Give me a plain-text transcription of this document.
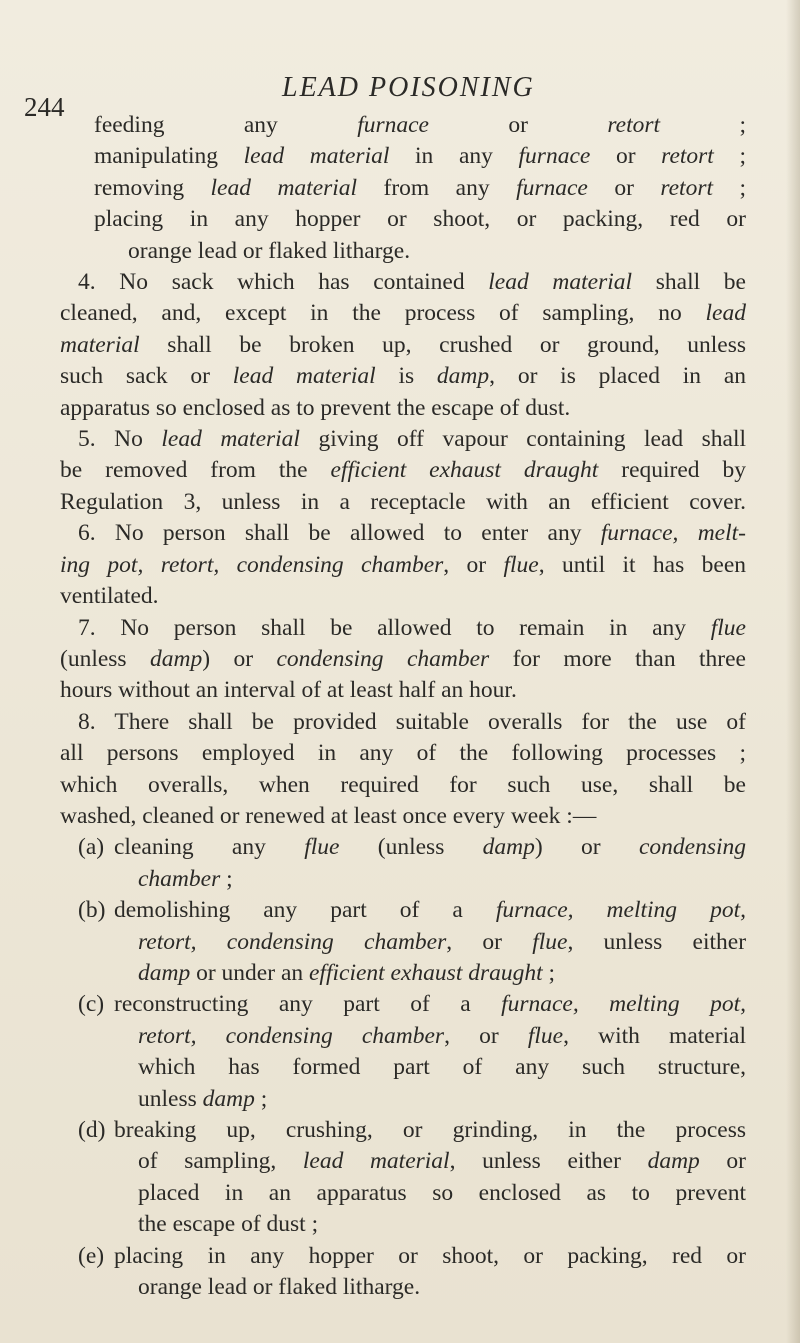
244
LEAD POISONING
feeding any furnace or retort ;
manipulating lead material in any furnace or retort ;
removing lead material from any furnace or retort ;
placing in any hopper or shoot, or packing, red or
orange lead or flaked litharge.
4. No sack which has contained lead material shall be
cleaned, and, except in the process of sampling, no lead
material shall be broken up, crushed or ground, unless
such sack or lead material is damp, or is placed in an
apparatus so enclosed as to prevent the escape of dust.
5. No lead material giving off vapour containing lead shall
be removed from the efficient exhaust draught required by
Regulation 3, unless in a receptacle with an efficient cover.
6. No person shall be allowed to enter any furnace, melt-
ing pot, retort, condensing chamber, or flue, until it has been
ventilated.
7. No person shall be allowed to remain in any flue
(unless damp) or condensing chamber for more than three
hours without an interval of at least half an hour.
8. There shall be provided suitable overalls for the use of
all persons employed in any of the following processes ;
which overalls, when required for such use, shall be
washed, cleaned or renewed at least once every week :—
(a) cleaning any flue (unless damp) or condensing
chamber ;
(b) demolishing any part of a furnace, melting pot,
retort, condensing chamber, or flue, unless either
damp or under an efficient exhaust draught ;
(c) reconstructing any part of a furnace, melting pot,
retort, condensing chamber, or flue, with material
which has formed part of any such structure,
unless damp ;
(d) breaking up, crushing, or grinding, in the process
of sampling, lead material, unless either damp or
placed in an apparatus so enclosed as to prevent
the escape of dust ;
(e) placing in any hopper or shoot, or packing, red or
orange lead or flaked litharge.
